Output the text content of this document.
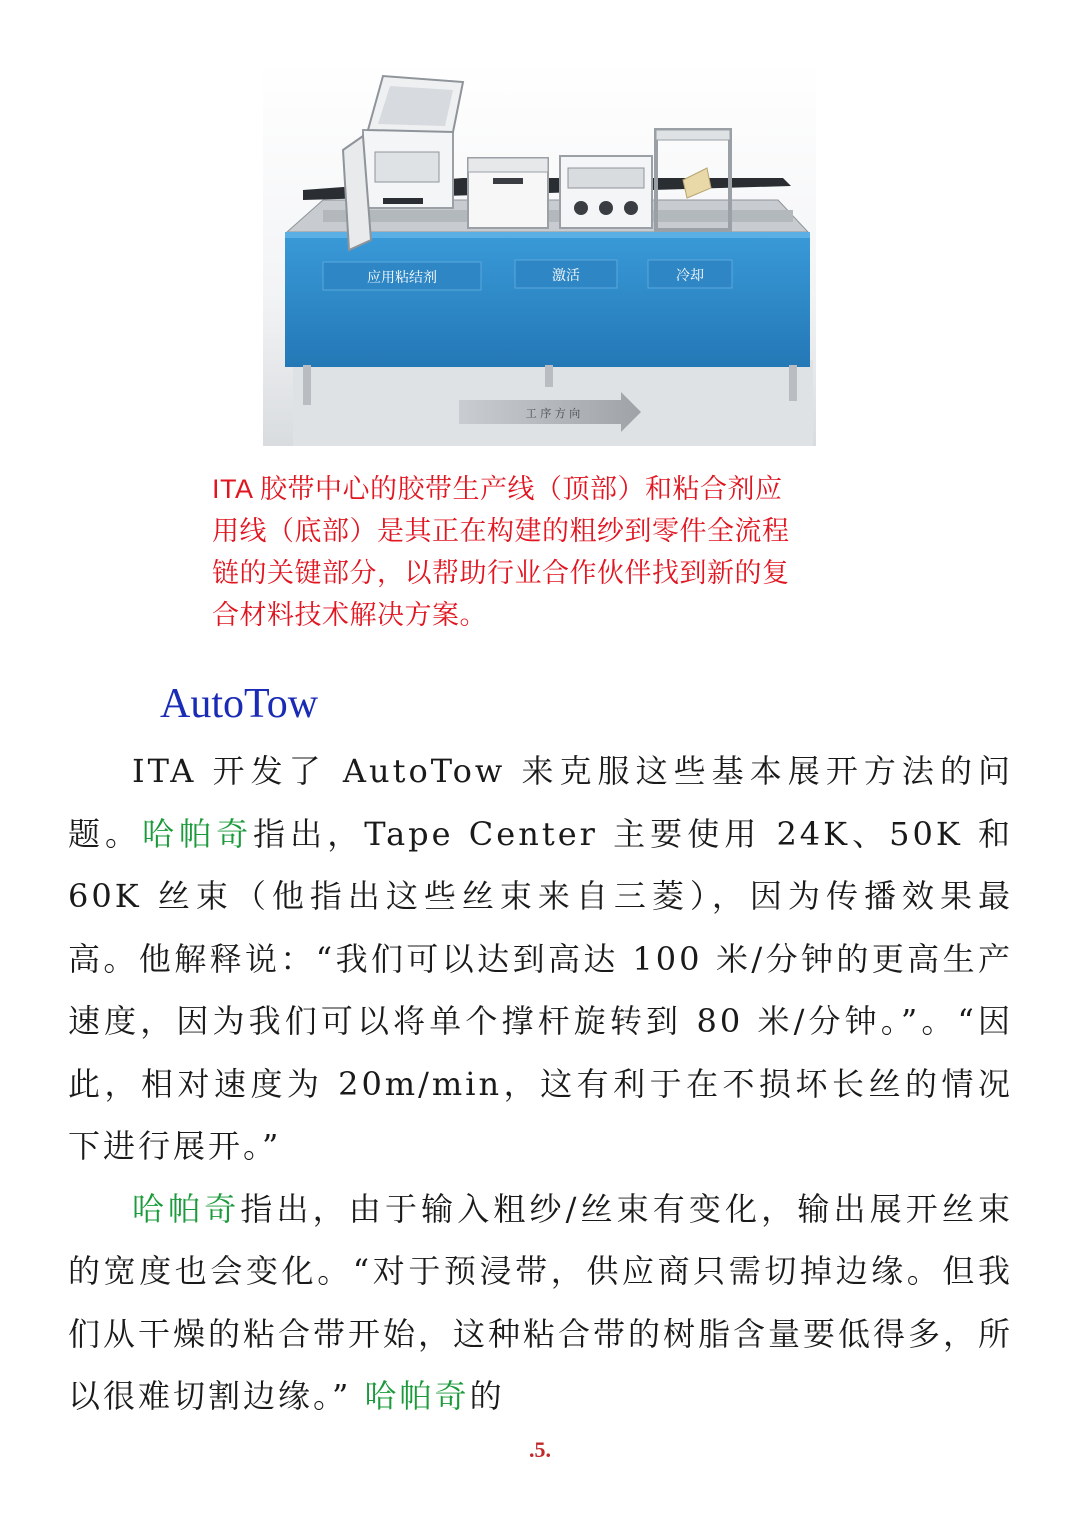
应用粘结剂	激活	冷却
工 序 方 向

ITA 胶带中心的胶带生产线（顶部）和粘合剂应

用线（底部）是其正在构建的粗纱到零件全流程

链的关键部分，以帮助行业合作伙伴找到新的复

合材料技术解决方案。

AutoTow

ITA 开发了 AutoTow 来克服这些基本展开方法的问题。哈帕奇指出，Tape Center 主要使用 24K、50K 和 60K 丝束（他指出这些丝束来自三菱），因为传播效果最高。他解释说：“我们可以达到高达 100 米/分钟的更高生产速度，因为我们可以将单个撑杆旋转到 80 米/分钟。”。“因此，相对速度为 20m/min，这有利于在不损坏长丝的情况下进行展开。”

哈帕奇指出，由于输入粗纱/丝束有变化，输出展开丝束的宽度也会变化。“对于预浸带，供应商只需切掉边缘。但我们从干燥的粘合带开始，这种粘合带的树脂含量要低得多，所以很难切割边缘。” 哈帕奇的

.5.
